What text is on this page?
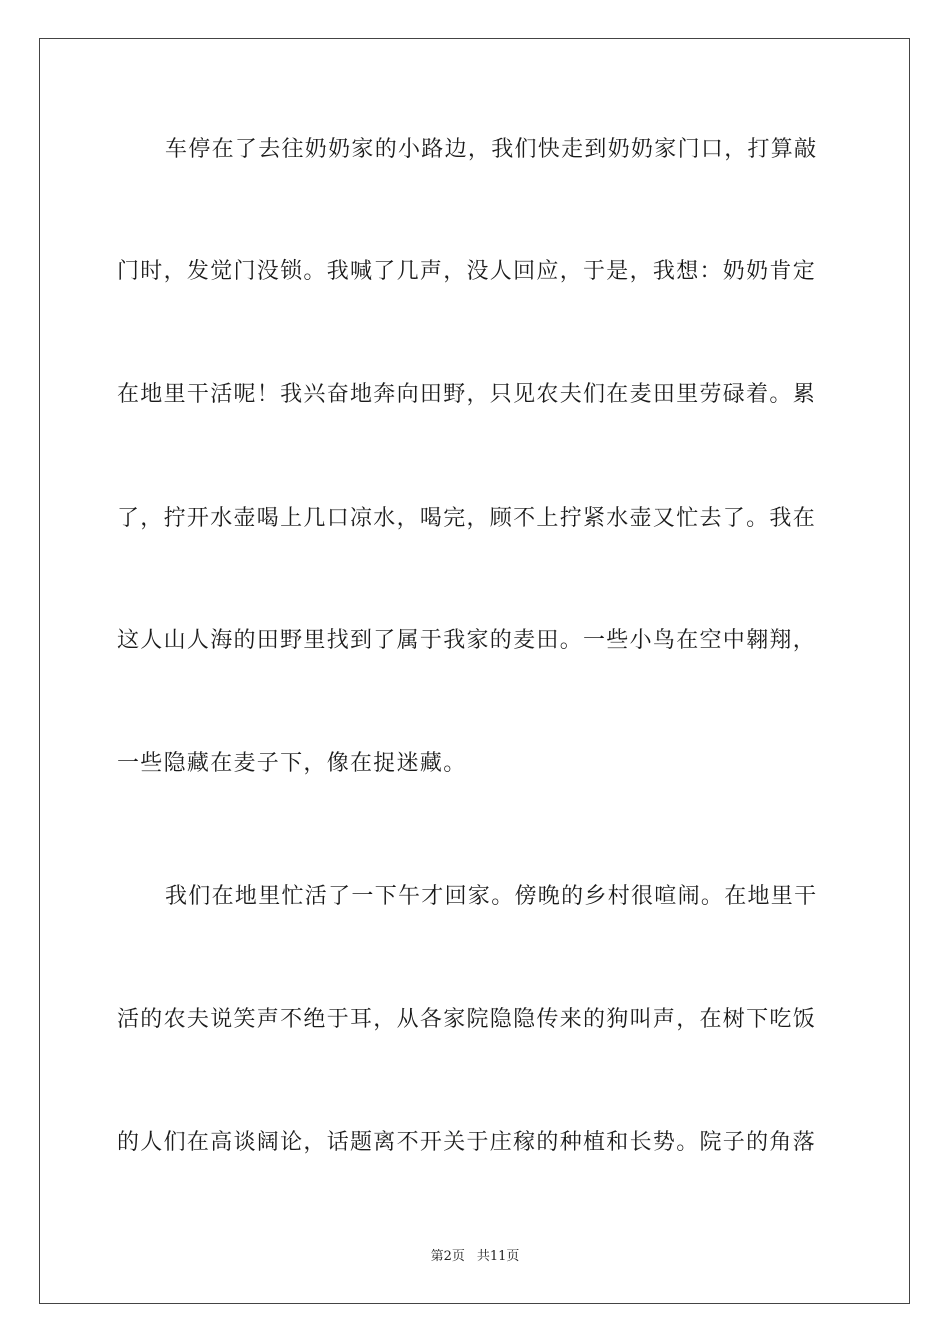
车停在了去往奶奶家的小路边，我们快走到奶奶家门口，打算敲
门时，发觉门没锁。我喊了几声，没人回应，于是，我想：奶奶肯定
在地里干活呢！我兴奋地奔向田野，只见农夫们在麦田里劳碌着。累
了，拧开水壶喝上几口凉水，喝完，顾不上拧紧水壶又忙去了。我在
这人山人海的田野里找到了属于我家的麦田。一些小鸟在空中翱翔，
一些隐藏在麦子下，像在捉迷藏。
我们在地里忙活了一下午才回家。傍晚的乡村很喧闹。在地里干
活的农夫说笑声不绝于耳，从各家院隐隐传来的狗叫声，在树下吃饭
的人们在高谈阔论，话题离不开关于庄稼的种植和长势。院子的角落
第2页 共11页
